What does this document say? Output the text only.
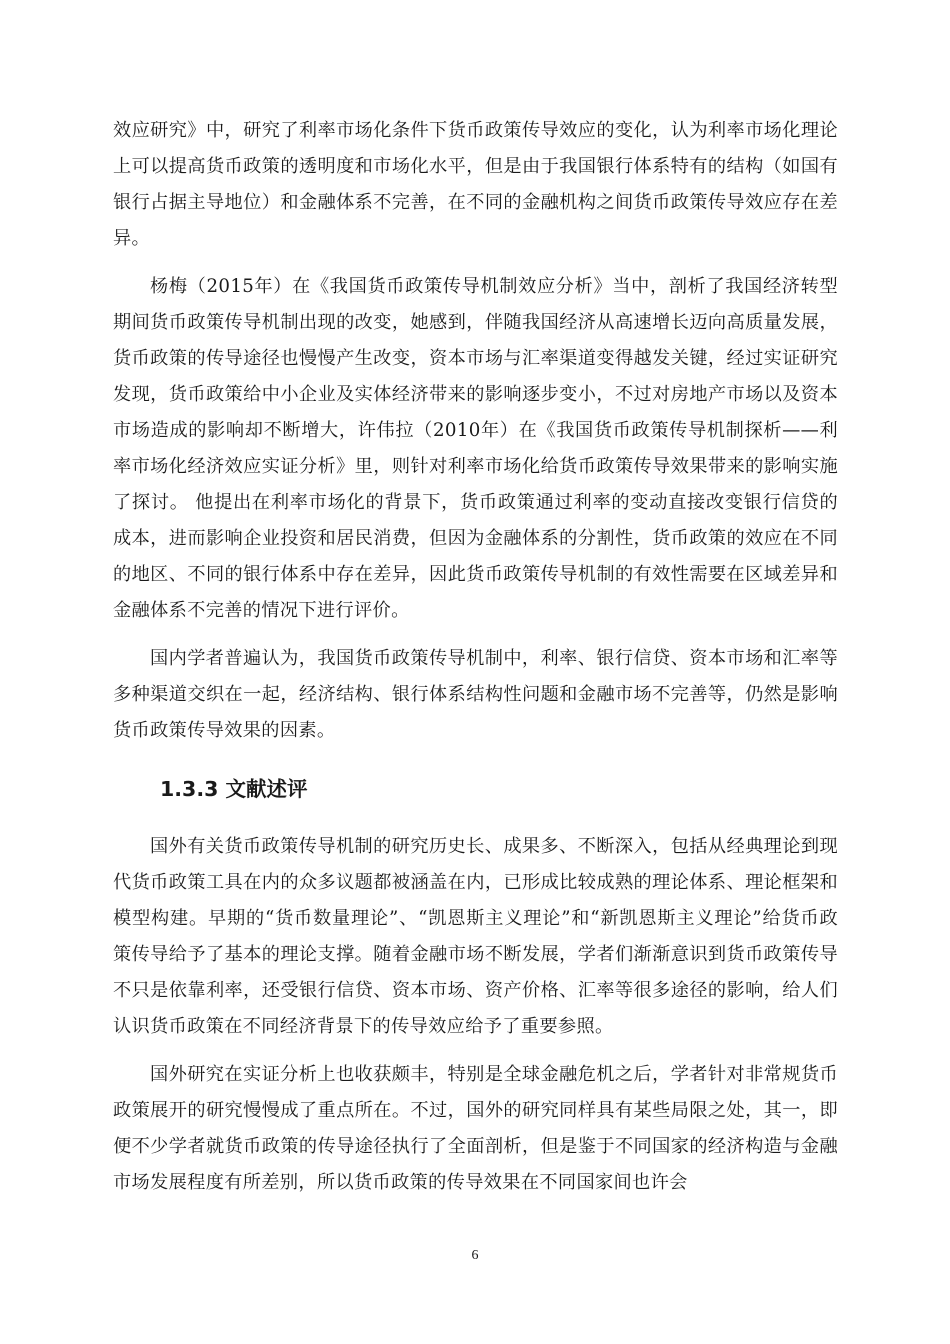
效应研究》中，研究了利率市场化条件下货币政策传导效应的变化，认为利率市场化理论上可以提高货币政策的透明度和市场化水平，但是由于我国银行体系特有的结构（如国有银行占据主导地位）和金融体系不完善，在不同的金融机构之间货币政策传导效应存在差异。

杨梅（2015年）在《我国货币政策传导机制效应分析》当中，剖析了我国经济转型期间货币政策传导机制出现的改变，她感到，伴随我国经济从高速增长迈向高质量发展，货币政策的传导途径也慢慢产生改变，资本市场与汇率渠道变得越发关键，经过实证研究发现，货币政策给中小企业及实体经济带来的影响逐步变小，不过对房地产市场以及资本市场造成的影响却不断增大，许伟拉（2010年）在《我国货币政策传导机制探析——利率市场化经济效应实证分析》里，则针对利率市场化给货币政策传导效果带来的影响实施了探讨。 他提出在利率市场化的背景下，货币政策通过利率的变动直接改变银行信贷的成本，进而影响企业投资和居民消费，但因为金融体系的分割性，货币政策的效应在不同的地区、不同的银行体系中存在差异，因此货币政策传导机制的有效性需要在区域差异和金融体系不完善的情况下进行评价。

国内学者普遍认为，我国货币政策传导机制中，利率、银行信贷、资本市场和汇率等多种渠道交织在一起，经济结构、银行体系结构性问题和金融市场不完善等，仍然是影响货币政策传导效果的因素。

1.3.3 文献述评

国外有关货币政策传导机制的研究历史长、成果多、不断深入，包括从经典理论到现代货币政策工具在内的众多议题都被涵盖在内，已形成比较成熟的理论体系、理论框架和模型构建。早期的“货币数量理论”、“凯恩斯主义理论”和“新凯恩斯主义理论”给货币政策传导给予了基本的理论支撑。随着金融市场不断发展，学者们渐渐意识到货币政策传导不只是依靠利率，还受银行信贷、资本市场、资产价格、汇率等很多途径的影响，给人们认识货币政策在不同经济背景下的传导效应给予了重要参照。

国外研究在实证分析上也收获颇丰，特别是全球金融危机之后，学者针对非常规货币政策展开的研究慢慢成了重点所在。不过，国外的研究同样具有某些局限之处，其一，即便不少学者就货币政策的传导途径执行了全面剖析，但是鉴于不同国家的经济构造与金融市场发展程度有所差别，所以货币政策的传导效果在不同国家间也许会

6
